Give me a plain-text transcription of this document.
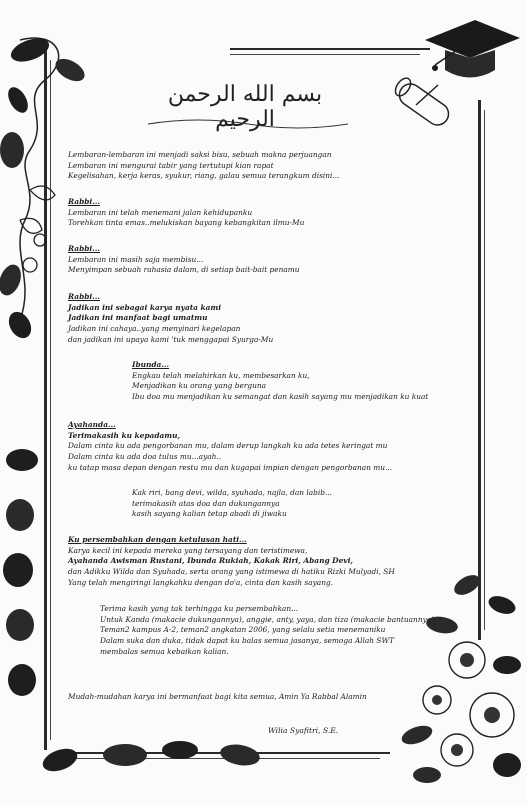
بسم الله الرحمن الرحيم
Lembaran-lembaran ini menjadi saksi bisu, sebuah makna perjuangan
Lembaran ini mengurai tabir yang tertutupi kian rapat
Kegelisahan, kerja keras, syukur, riang, galau semua terangkum disini...
Rabbi...
Lembaran ini telah menemani jalan kehidupanku
Torehkan tinta emas..melukiskan bayang kebangkitan ilmu-Mu
Rabbi...
Lembaran ini masih saja membisu...
Menyimpan sebuah rahasia dalam, di setiap bait-bait penamu
Rabbi...
Jadikan ini sebagai karya nyata kami
Jadikan ini manfaat bagi umatmu
Jadikan ini cahaya..yang menyinari kegelapan
dan jadikan ini upaya kami 'tuk menggapai Syurga-Mu
Ibunda...
Engkau telah melahirkan ku, membesarkan ku,
Menjadikan ku orang yang berguna
Ibu doa mu menjadikan ku semangat dan kasih sayang mu menjadikan ku kuat
Ayahanda...
Terimakasih ku kepadamu,
Dalam cinta ku ada pengorbanan mu, dalam derup langkah ku ada tetes keringat mu
Dalam cinta ku ada doa tulus mu...ayah..
ku tatap masa depan dengan restu mu dan kugapai impian dengan pengorbanan mu...
Kak riri, bang devi, wilda, syuhada, najla, dan labib...
terimakasih atas doa dan dukungannya
kasih sayang kalian tetap abadi di jiwaku
Ku persembahkan dengan ketulusan hati...
Karya kecil ini kepada mereka yang tersayang dan teristimewa,
Ayahanda Awisman Rustani, Ibunda Rukiah, Kakak Riri, Abang Devi,
dan Adikku Wilda dan Syuhada, serta orang yang istimewa di hatiku Rizki Mulyadi, SH
Yang telah mengiringi langkahku dengan do'a, cinta dan kasih sayang.
Terima kasih yang tak terhingga ku persembahkan...
Untuk Kanda (makacie dukungannya), anggie, anty, yaya, dan tiza (makacie bantuannya),
Teman2 kampus A-2, teman2 angkatan 2006, yang selalu setia menemaniku
Dalam suka dan duka, tidak dapat ku balas semua jasanya, semoga Allah SWT
membalas semua kebaikan kalian.
Mudah-mudahan karya ini bermanfaat bagi kita semua, Amin Ya Rabbal Alamin
Wilia Syafitri, S.E.
